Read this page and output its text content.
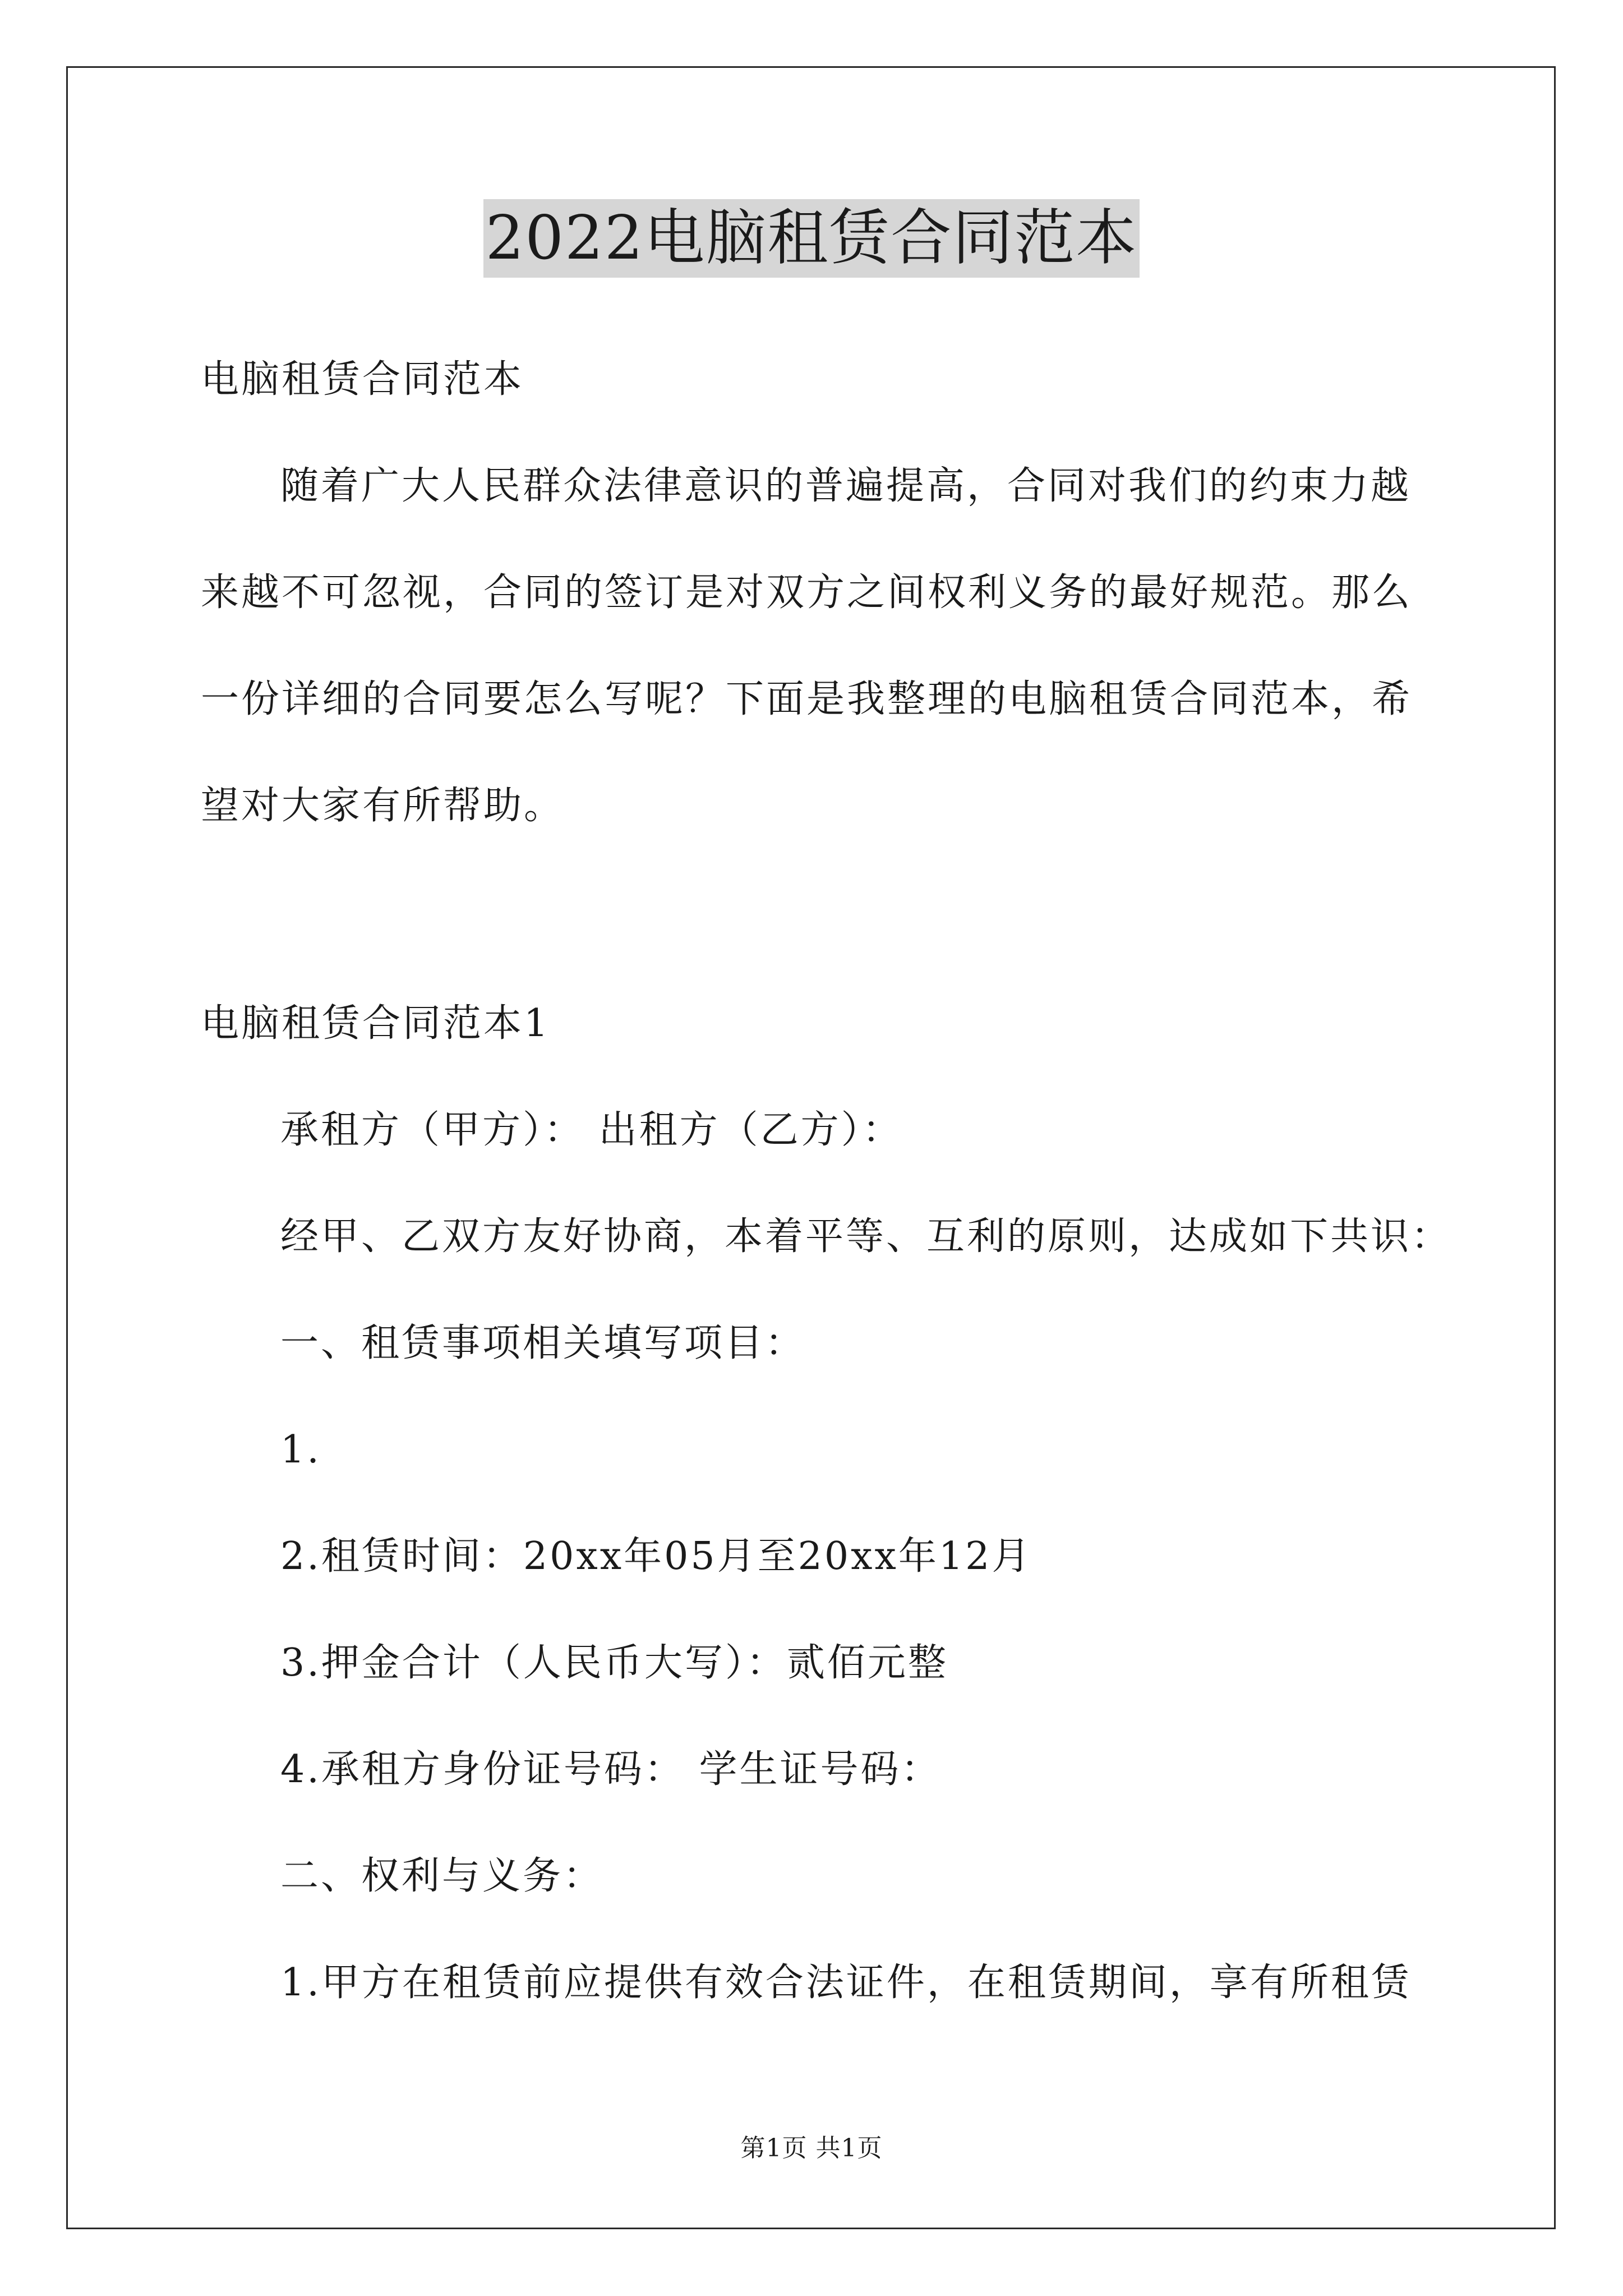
2022电脑租赁合同范本
电脑租赁合同范本
随着广大人民群众法律意识的普遍提高，合同对我们的约束力越
来越不可忽视，合同的签订是对双方之间权利义务的最好规范。那么
一份详细的合同要怎么写呢？下面是我整理的电脑租赁合同范本，希
望对大家有所帮助。
电脑租赁合同范本1
承租方（甲方）： 出租方（乙方）：
经甲、乙双方友好协商，本着平等、互利的原则，达成如下共识：
一、租赁事项相关填写项目：
1.
2.租赁时间：20xx年05月至20xx年12月
3.押金合计（人民币大写）：贰佰元整
4.承租方身份证号码： 学生证号码：
二、权利与义务：
1.甲方在租赁前应提供有效合法证件，在租赁期间，享有所租赁
第1页 共1页
